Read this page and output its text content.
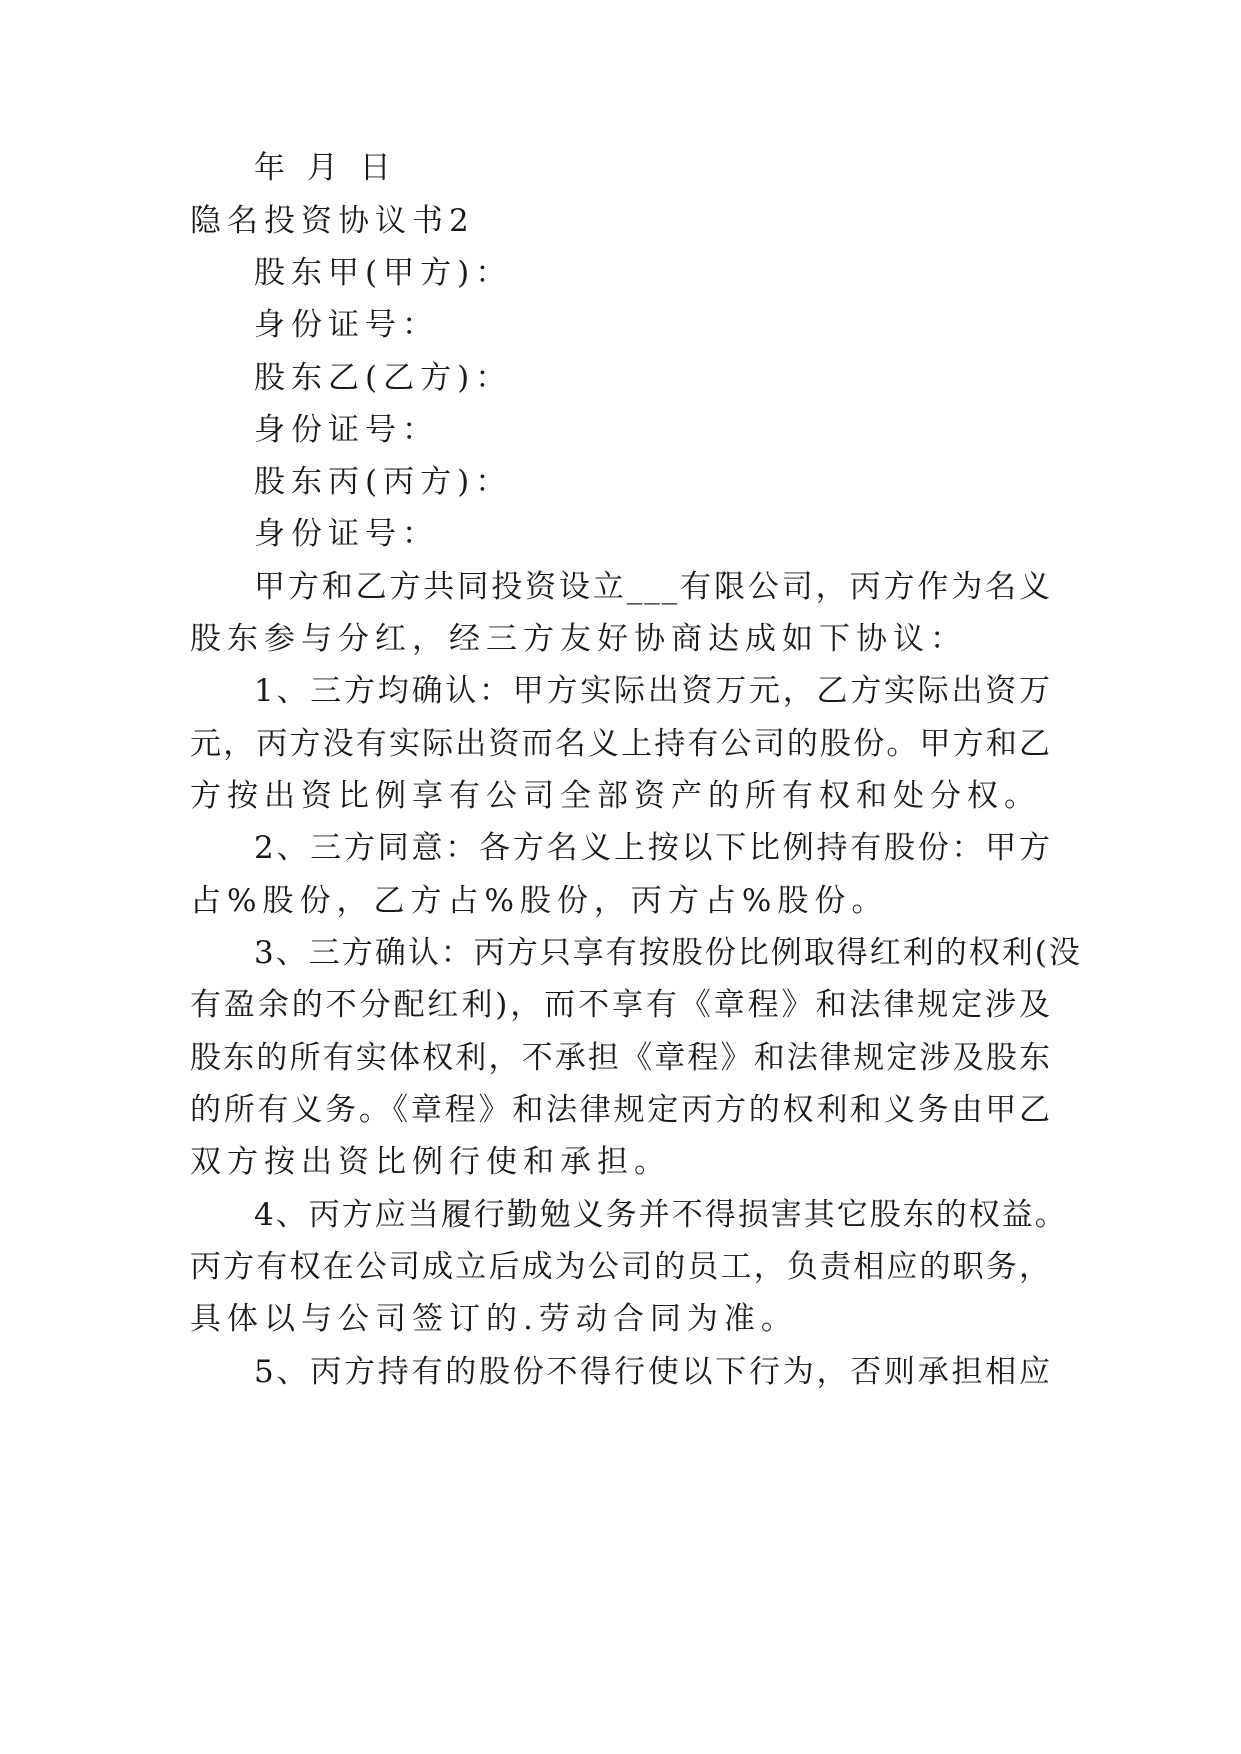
年 月 日
隐名投资协议书2
股东甲(甲方)：
身份证号：
股东乙(乙方)：
身份证号：
股东丙(丙方)：
身份证号：
甲方和乙方共同投资设立___有限公司，丙方作为名义
股东参与分红，经三方友好协商达成如下协议：
1、三方均确认：甲方实际出资万元，乙方实际出资万
元，丙方没有实际出资而名义上持有公司的股份。甲方和乙
方按出资比例享有公司全部资产的所有权和处分权。
2、三方同意：各方名义上按以下比例持有股份：甲方
占%股份，乙方占%股份，丙方占%股份。
3、三方确认：丙方只享有按股份比例取得红利的权利(没
有盈余的不分配红利)，而不享有《章程》和法律规定涉及
股东的所有实体权利，不承担《章程》和法律规定涉及股东
的所有义务。《章程》和法律规定丙方的权利和义务由甲乙
双方按出资比例行使和承担。
4、丙方应当履行勤勉义务并不得损害其它股东的权益。
丙方有权在公司成立后成为公司的员工，负责相应的职务，
具体以与公司签订的.劳动合同为准。
5、丙方持有的股份不得行使以下行为，否则承担相应
